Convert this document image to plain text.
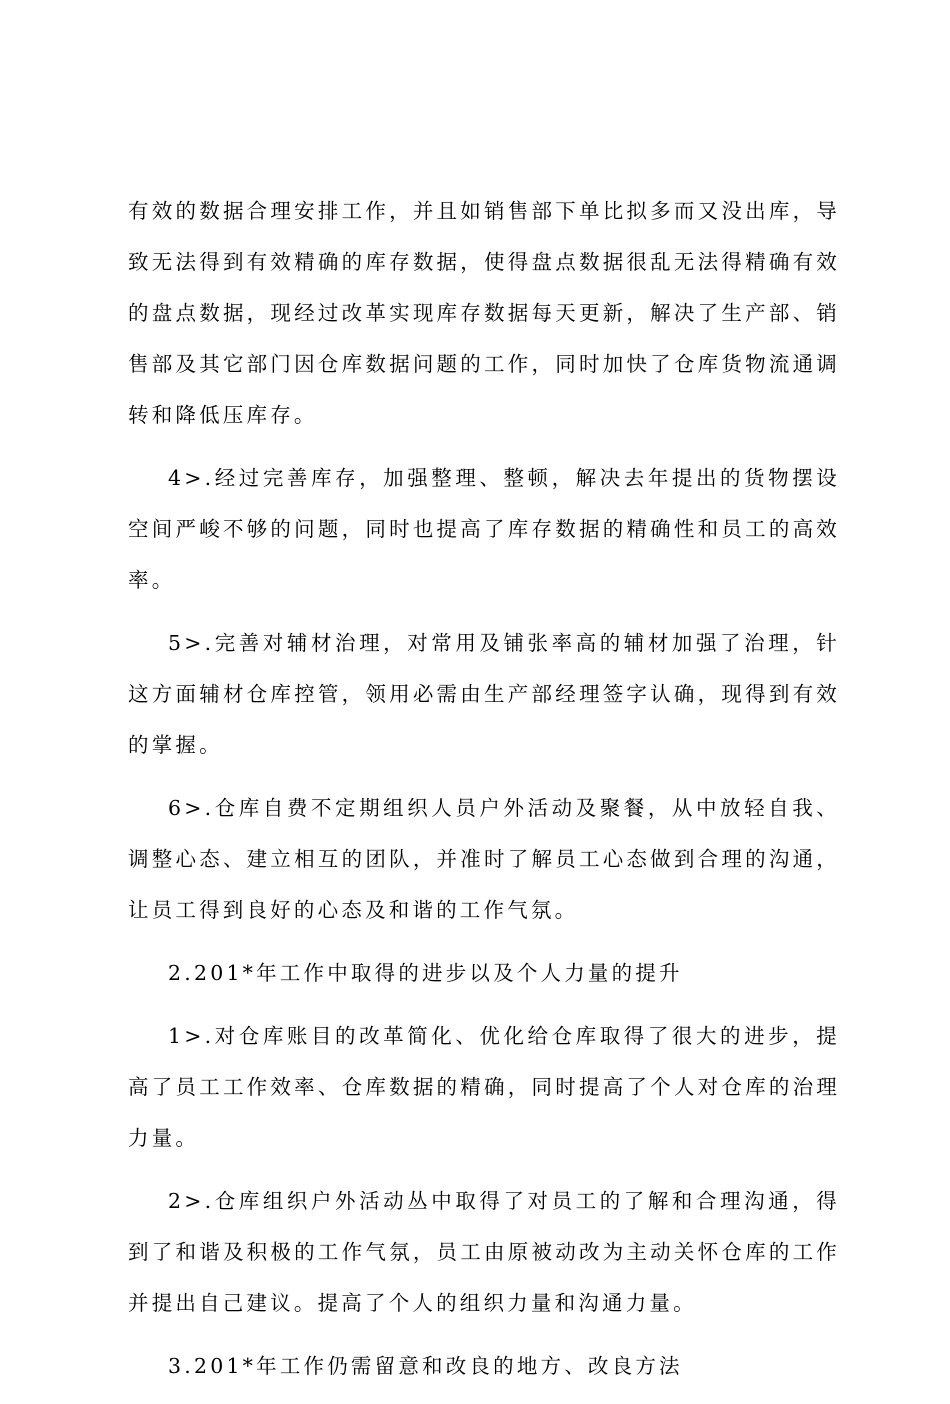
有效的数据合理安排工作，并且如销售部下单比拟多而又没出库，导致无法得到有效精确的库存数据，使得盘点数据很乱无法得精确有效的盘点数据，现经过改革实现库存数据每天更新，解决了生产部、销售部及其它部门因仓库数据问题的工作，同时加快了仓库货物流通调转和降低压库存。

4>.经过完善库存，加强整理、整顿，解决去年提出的货物摆设空间严峻不够的问题，同时也提高了库存数据的精确性和员工的高效率。

5>.完善对辅材治理，对常用及铺张率高的辅材加强了治理，针这方面辅材仓库控管，领用必需由生产部经理签字认确，现得到有效的掌握。

6>.仓库自费不定期组织人员户外活动及聚餐，从中放轻自我、调整心态、建立相互的团队，并准时了解员工心态做到合理的沟通，让员工得到良好的心态及和谐的工作气氛。

2.201*年工作中取得的进步以及个人力量的提升

1>.对仓库账目的改革简化、优化给仓库取得了很大的进步，提高了员工工作效率、仓库数据的精确，同时提高了个人对仓库的治理力量。

2>.仓库组织户外活动丛中取得了对员工的了解和合理沟通，得到了和谐及积极的工作气氛，员工由原被动改为主动关怀仓库的工作并提出自己建议。提高了个人的组织力量和沟通力量。

3.201*年工作仍需留意和改良的地方、改良方法
